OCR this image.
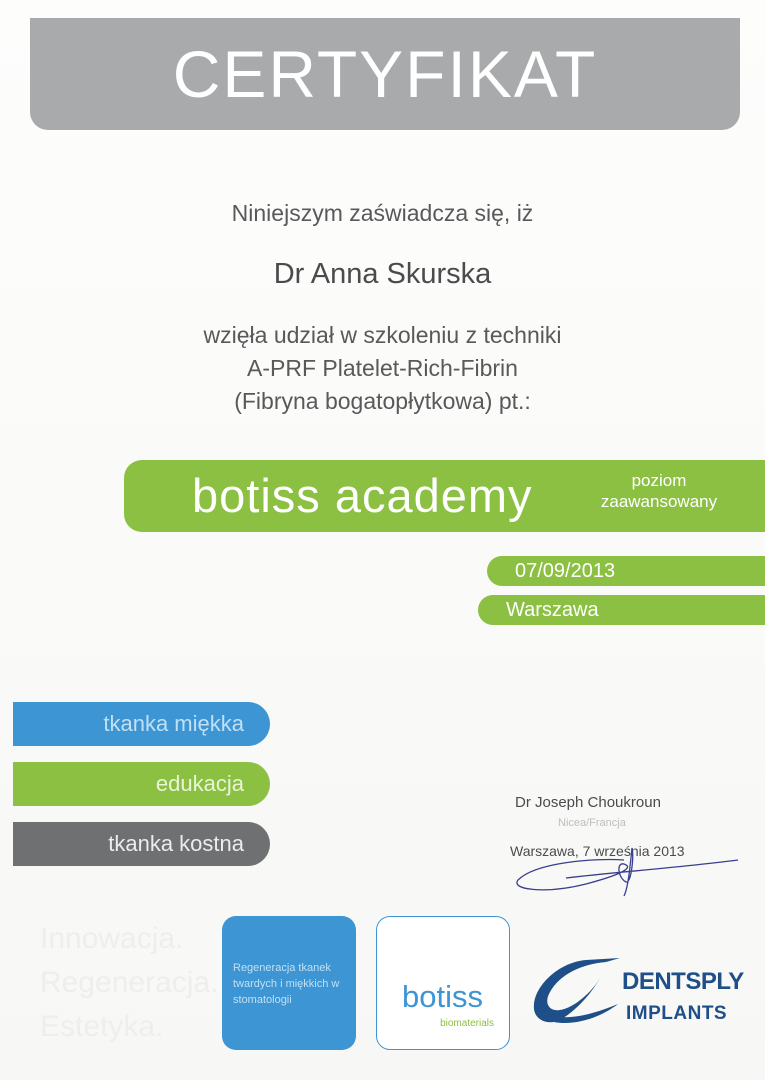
CERTYFIKAT
Niniejszym zaświadcza się, iż
Dr Anna Skurska
wzięła udział w szkoleniu z techniki
A-PRF Platelet-Rich-Fibrin
(Fibryna bogatopłytkowa) pt.:
botiss academy	poziom
zaawansowany
07/09/2013
Warszawa
tkanka miękka
edukacja
tkanka kostna
Dr Joseph Choukroun
Nicea/Francja
Warszawa, 7 września 2013
Innowacja.
Regeneracja.
Estetyka.
Regeneracja tkanek twardych i miękkich w stomatologii	botiss
biomaterials
DENTSPLY
IMPLANTS
